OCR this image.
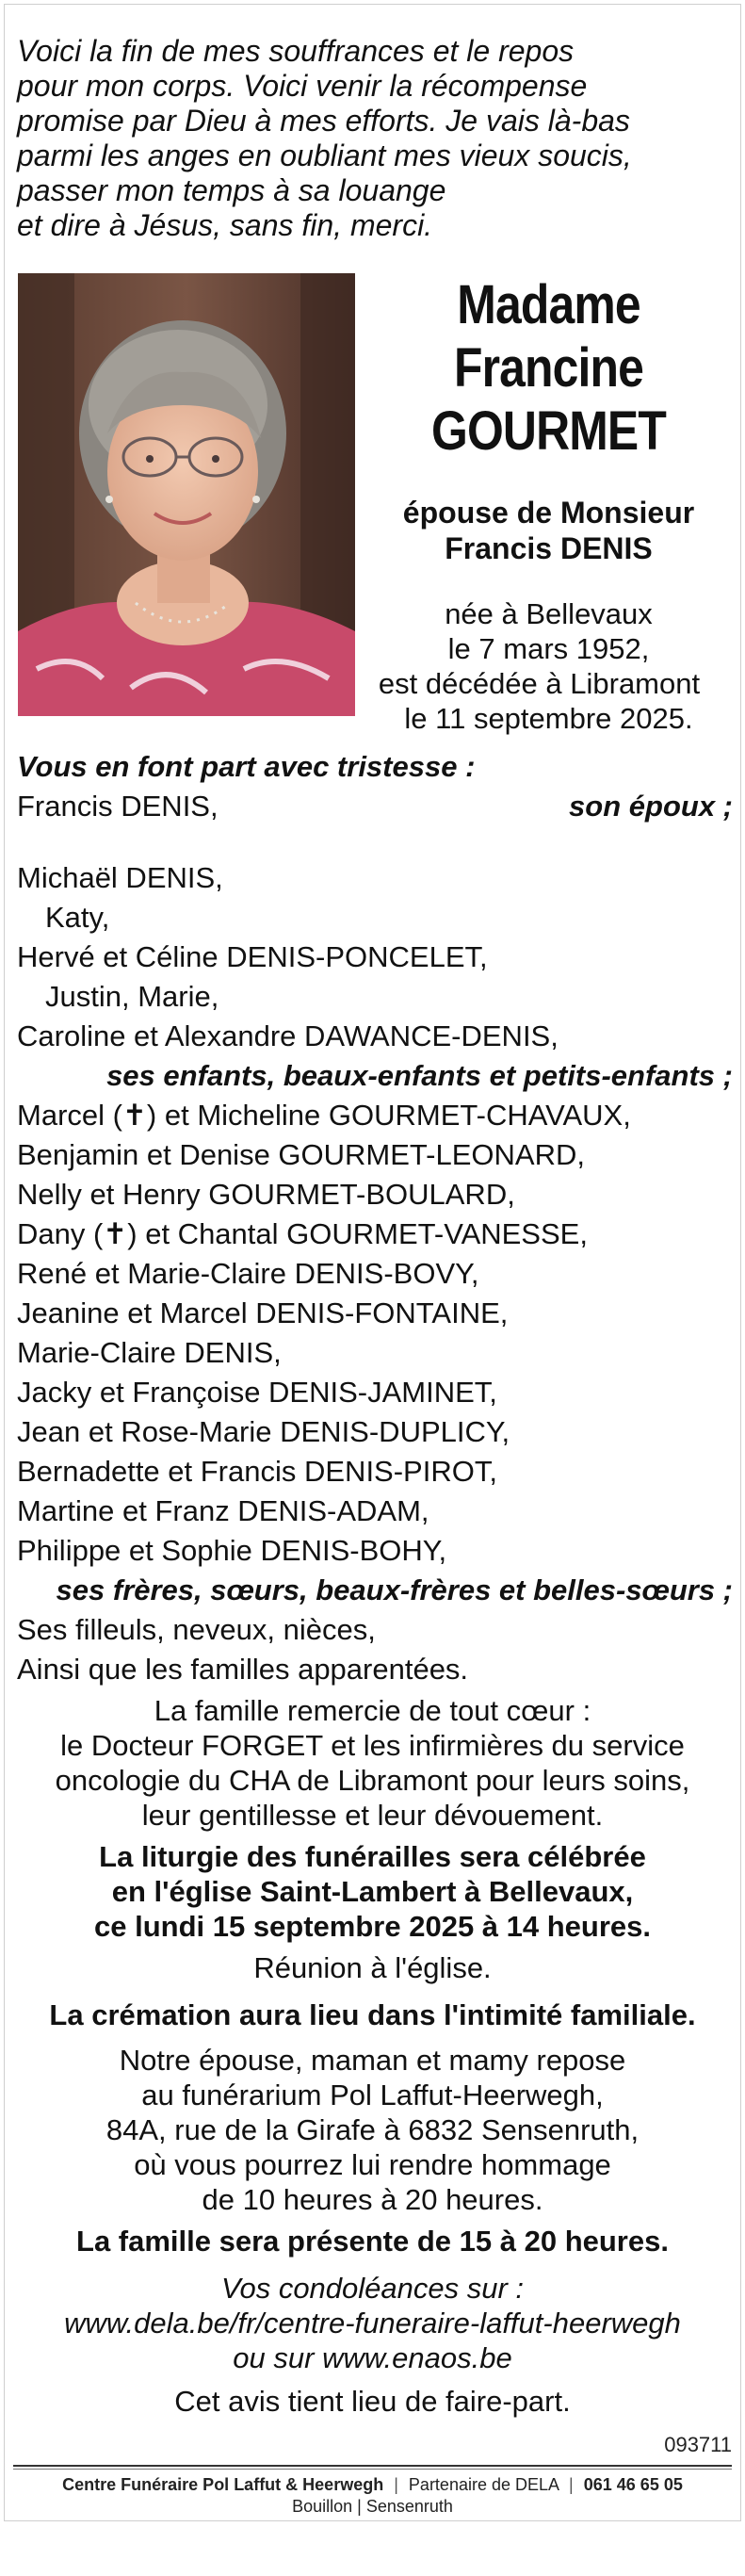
Voici la fin de mes souffrances et le repos
pour mon corps. Voici venir la récompense
promise par Dieu à mes efforts. Je vais là-bas
parmi les anges en oubliant mes vieux soucis,
passer mon temps à sa louange
et dire à Jésus, sans fin, merci.
Madame
Francine
GOURMET
épouse de Monsieur
Francis DENIS
née à Bellevaux
le 7 mars 1952,
est décédée à Libramont
le 11 septembre 2025.
Vous en font part avec tristesse :
Francis DENIS,	son époux ;
Michaël DENIS,
Katy,
Hervé et Céline DENIS-PONCELET,
Justin, Marie,
Caroline et Alexandre DAWANCE-DENIS,
ses enfants, beaux-enfants et petits-enfants ;
Marcel (✝) et Micheline GOURMET-CHAVAUX,
Benjamin et Denise GOURMET-LEONARD,
Nelly et Henry GOURMET-BOULARD,
Dany (✝) et Chantal GOURMET-VANESSE,
René et Marie-Claire DENIS-BOVY,
Jeanine et Marcel DENIS-FONTAINE,
Marie-Claire DENIS,
Jacky et Françoise DENIS-JAMINET,
Jean et Rose-Marie DENIS-DUPLICY,
Bernadette et Francis DENIS-PIROT,
Martine et Franz DENIS-ADAM,
Philippe et Sophie DENIS-BOHY,
ses frères, sœurs, beaux-frères et belles-sœurs ;
Ses filleuls, neveux, nièces,
Ainsi que les familles apparentées.
La famille remercie de tout cœur :
le Docteur FORGET et les infirmières du service
oncologie du CHA de Libramont pour leurs soins,
leur gentillesse et leur dévouement.
La liturgie des funérailles sera célébrée
en l'église Saint-Lambert à Bellevaux,
ce lundi 15 septembre 2025 à 14 heures.
Réunion à l'église.
La crémation aura lieu dans l'intimité familiale.
Notre épouse, maman et mamy repose
au funérarium Pol Laffut-Heerwegh,
84A, rue de la Girafe à 6832 Sensenruth,
où vous pourrez lui rendre hommage
de 10 heures à 20 heures.
La famille sera présente de 15 à 20 heures.
Vos condoléances sur :
www.dela.be/fr/centre-funeraire-laffut-heerwegh
ou sur www.enaos.be
Cet avis tient lieu de faire-part.
093711
Centre Funéraire Pol Laffut & Heerwegh | Partenaire de DELA | 061 46 65 05
Bouillon | Sensenruth
